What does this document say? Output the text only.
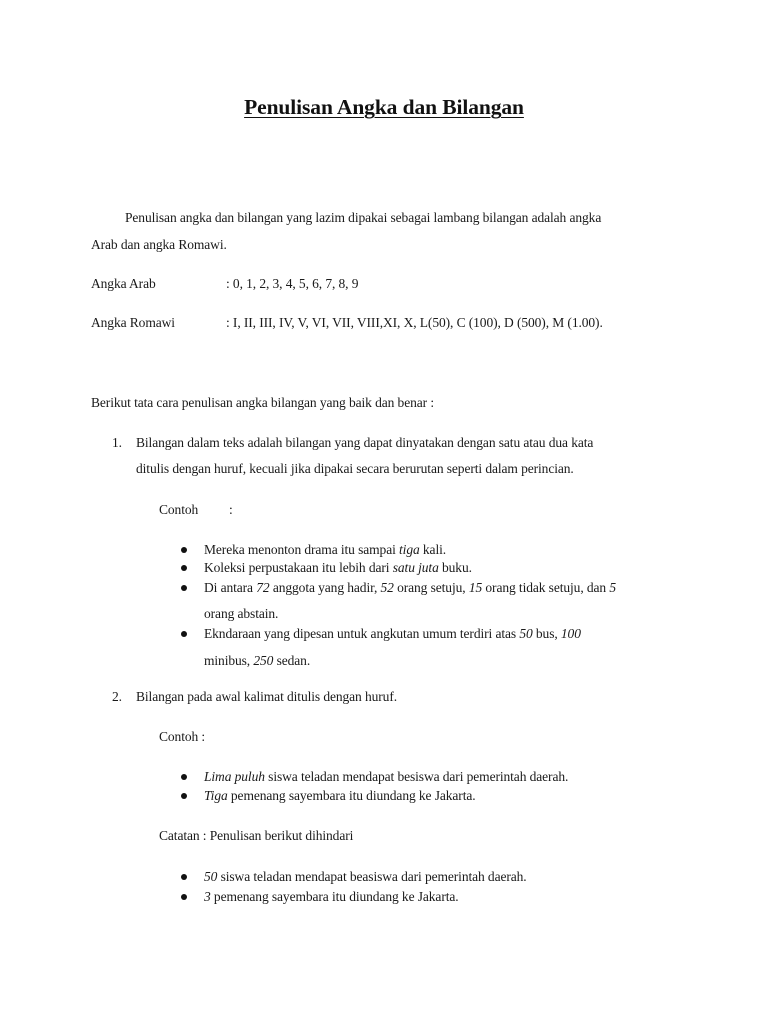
Penulisan Angka dan Bilangan
Penulisan angka dan bilangan yang lazim dipakai sebagai lambang bilangan adalah angka
Arab dan angka Romawi.
Angka Arab	: 0, 1, 2, 3, 4, 5, 6, 7, 8, 9
Angka Romawi	: I, II, III, IV, V, VI, VII, VIII,XI, X, L(50), C (100), D (500), M (1.00).
Berikut tata cara penulisan angka bilangan yang baik dan benar :
1. Bilangan dalam teks adalah bilangan yang dapat dinyatakan dengan satu atau dua kata
ditulis dengan huruf, kecuali jika dipakai secara berurutan seperti dalam perincian.
Contoh :
Mereka menonton drama itu sampai tiga kali.
Koleksi perpustakaan itu lebih dari satu juta buku.
Di antara 72 anggota yang hadir, 52 orang setuju, 15 orang tidak setuju, dan 5
orang abstain.
Ekndaraan yang dipesan untuk angkutan umum terdiri atas 50 bus, 100
minibus, 250 sedan.
2. Bilangan pada awal kalimat ditulis dengan huruf.
Contoh :
Lima puluh siswa teladan mendapat besiswa dari pemerintah daerah.
Tiga pemenang sayembara itu diundang ke Jakarta.
Catatan : Penulisan berikut dihindari
50 siswa teladan mendapat beasiswa dari pemerintah daerah.
3 pemenang sayembara itu diundang ke Jakarta.
